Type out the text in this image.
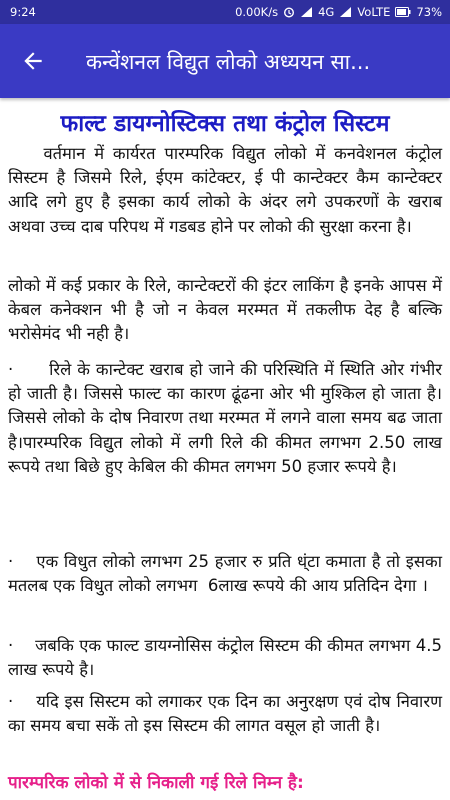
9:24	0.00K/s	4G VoLTE 73%
कन्वेंशनल विद्युत लोको अध्ययन सा...
फाल्ट डायग्नोस्टिक्स तथा कंट्रोल सिस्टम
वर्तमान में कार्यरत पारम्परिक विद्युत लोको में कनवेशनल कंट्रोल सिस्टम है जिसमे रिले, ईएम कांटेक्टर, ई पी कान्टेक्टर कैम कान्टेक्टर आदि लगे हुए है इसका कार्य लोको के अंदर लगे उपकरणों के खराब अथवा उच्च दाब परिपथ में गडबड होने पर लोको की सुरक्षा करना है।
लोको में कई प्रकार के रिले, कान्टेक्टरों की इंटर लाकिंग है इनके आपस में केबल कनेक्शन भी है जो न केवल मरम्मत में तकलीफ देह है बल्कि भरोसेमंद भी नही है।
·      रिले के कान्टेक्ट खराब हो जाने की परिस्थिति में स्थिति ओर गंभीर हो जाती है। जिससे फाल्ट का कारण ढूंढना ओर भी मुश्किल हो जाता है। जिससे लोको के दोष निवारण तथा मरम्मत में लगने वाला समय बढ जाता है।पारम्परिक विद्युत लोको में लगी रिले की कीमत लगभग 2.50 लाख रूपये तथा बिछे हुए केबिल की कीमत लगभग 50 हजार रूपये है।
·    एक विधुत लोको लगभग 25 हजार रु प्रति ध्ंटा कमाता है तो इसका मतलब एक विधुत लोको लगभग  6लाख रूपये की आय प्रतिदिन देगा ।
·    जबकि एक फाल्ट डायग्नोसिस कंट्रोल सिस्टम की कीमत लगभग 4.5 लाख रूपये है।
·    यदि इस सिस्टम को लगाकर एक दिन का अनुरक्षण एवं दोष निवारण का समय बचा सकें तो इस सिस्टम की लागत वसूल हो जाती है।
पारम्परिक लोको में से निकाली गई रिले निम्न है:
